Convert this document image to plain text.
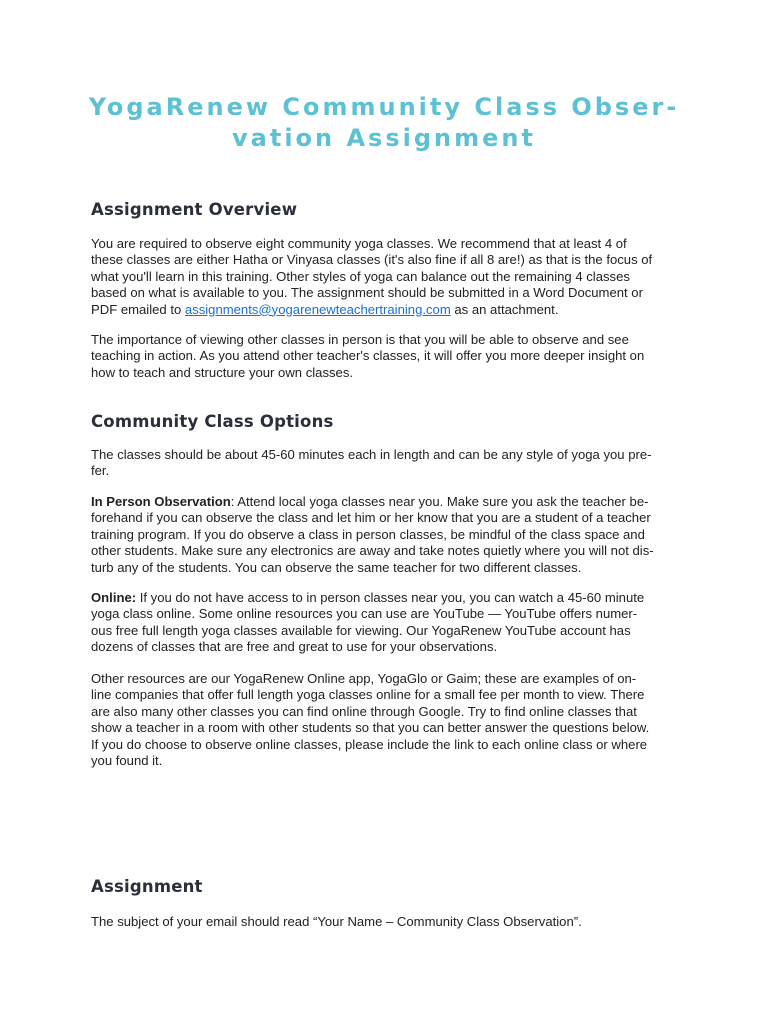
YogaRenew Community Class Obser-
vation Assignment
Assignment Overview
You are required to observe eight community yoga classes. We recommend that at least 4 of
these classes are either Hatha or Vinyasa classes (it's also fine if all 8 are!) as that is the focus of
what you'll learn in this training. Other styles of yoga can balance out the remaining 4 classes
based on what is available to you. The assignment should be submitted in a Word Document or
PDF emailed to assignments@yogarenewteachertraining.com as an attachment.
The importance of viewing other classes in person is that you will be able to observe and see
teaching in action. As you attend other teacher's classes, it will offer you more deeper insight on
how to teach and structure your own classes.
Community Class Options
The classes should be about 45-60 minutes each in length and can be any style of yoga you pre-
fer.
In Person Observation: Attend local yoga classes near you. Make sure you ask the teacher be-
forehand if you can observe the class and let him or her know that you are a student of a teacher
training program. If you do observe a class in person classes, be mindful of the class space and
other students. Make sure any electronics are away and take notes quietly where you will not dis-
turb any of the students. You can observe the same teacher for two different classes.
Online: If you do not have access to in person classes near you, you can watch a 45-60 minute
yoga class online. Some online resources you can use are YouTube — YouTube offers numer-
ous free full length yoga classes available for viewing. Our YogaRenew YouTube account has
dozens of classes that are free and great to use for your observations.
Other resources are our YogaRenew Online app, YogaGlo or Gaim; these are examples of on-
line companies that offer full length yoga classes online for a small fee per month to view. There
are also many other classes you can find online through Google. Try to find online classes that
show a teacher in a room with other students so that you can better answer the questions below.
If you do choose to observe online classes, please include the link to each online class or where
you found it.
Assignment
The subject of your email should read “Your Name – Community Class Observation”.
